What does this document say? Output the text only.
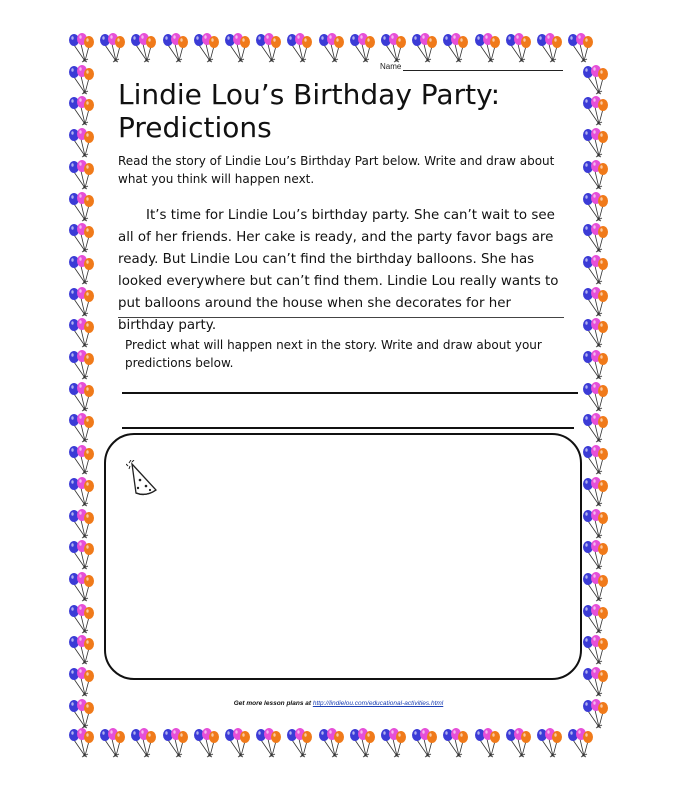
Name
Lindie Lou’s Birthday Party:
Predictions

Read the story of Lindie Lou’s Birthday Part below. Write and draw about what you think will happen next.

It’s time for Lindie Lou’s birthday party. She can’t wait to see all of her friends. Her cake is ready, and the party favor bags are ready. But Lindie Lou can’t find the birthday balloons. She has looked everywhere but can’t find them. Lindie Lou really wants to put balloons around the house when she decorates for her birthday party.

Predict what will happen next in the story. Write and draw about your predictions below.

Get more lesson plans at http://lindielou.com/educational-activities.html
